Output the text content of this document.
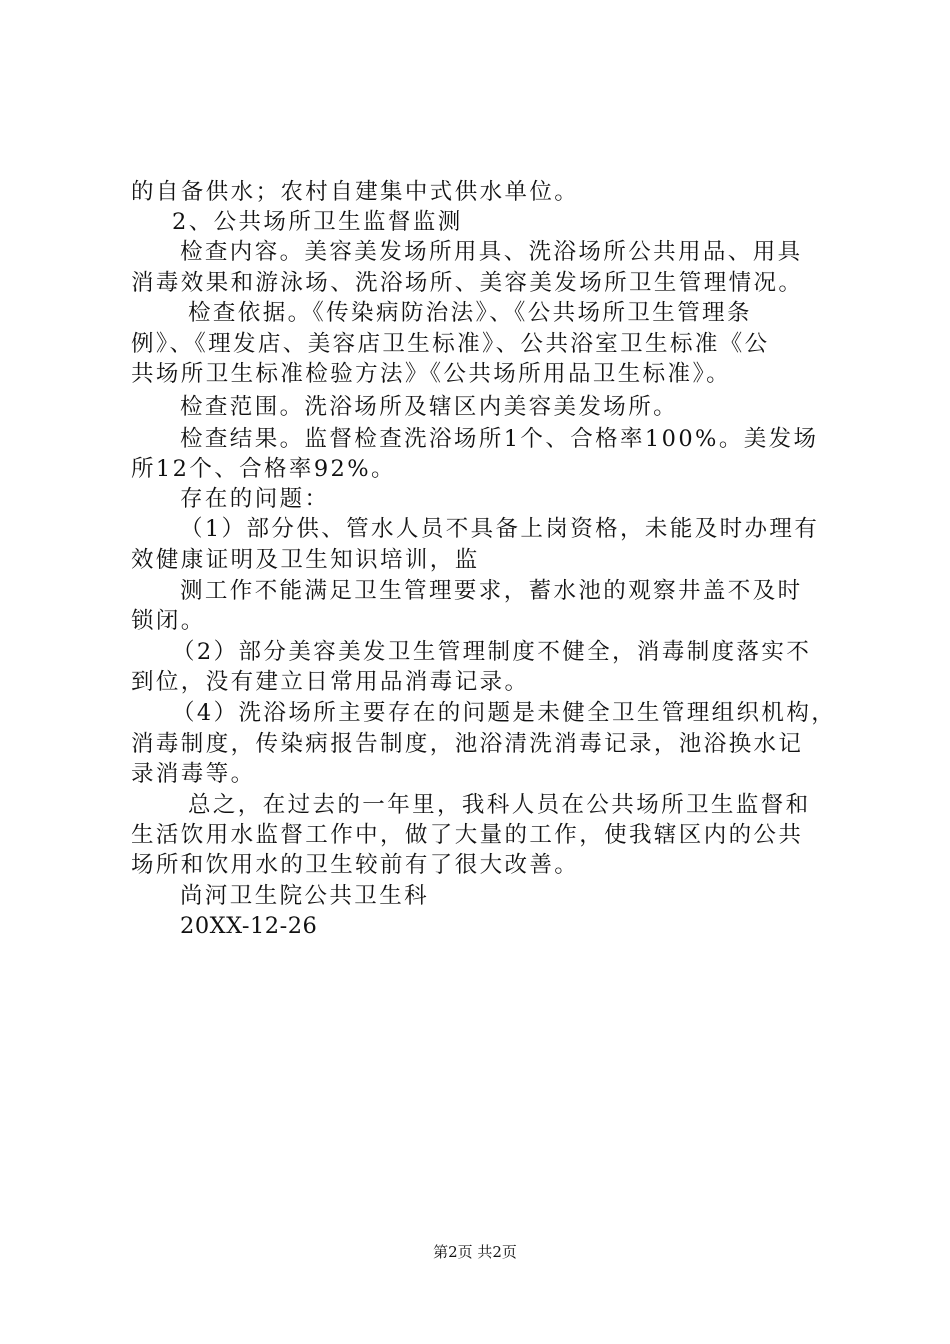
的自备供水；农村自建集中式供水单位。
2、公共场所卫生监督监测
检查内容。美容美发场所用具、洗浴场所公共用品、用具
消毒效果和游泳场、洗浴场所、美容美发场所卫生管理情况。
检查依据。《传染病防治法》、《公共场所卫生管理条
例》、《理发店、美容店卫生标准》、公共浴室卫生标准《公
共场所卫生标准检验方法》《公共场所用品卫生标准》。
检查范围。洗浴场所及辖区内美容美发场所。
检查结果。监督检查洗浴场所1个、合格率100%。美发场
所12个、合格率92%。
存在的问题：
（1）部分供、管水人员不具备上岗资格，未能及时办理有
效健康证明及卫生知识培训，监
测工作不能满足卫生管理要求，蓄水池的观察井盖不及时
锁闭。
（2）部分美容美发卫生管理制度不健全，消毒制度落实不
到位，没有建立日常用品消毒记录。
（4）洗浴场所主要存在的问题是未健全卫生管理组织机构，
消毒制度，传染病报告制度，池浴清洗消毒记录，池浴换水记
录消毒等。
总之，在过去的一年里，我科人员在公共场所卫生监督和
生活饮用水监督工作中，做了大量的工作，使我辖区内的公共
场所和饮用水的卫生较前有了很大改善。
尚河卫生院公共卫生科
20XX-12-26
第2页 共2页
